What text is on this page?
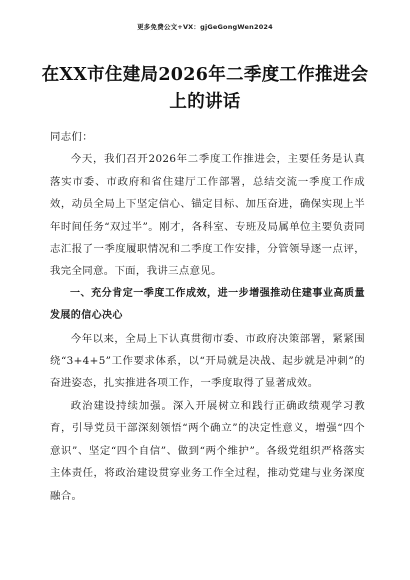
更多免费公文+VX：gjGeGongWen2024
在XX市住建局2026年二季度工作推进会上的讲话

同志们：

今天，我们召开2026年二季度工作推进会，主要任务是认真落实市委、市政府和省住建厅工作部署，总结交流一季度工作成效，动员全局上下坚定信心、锚定目标、加压奋进，确保实现上半年时间任务“双过半”。刚才，各科室、专班及局属单位主要负责同志汇报了一季度履职情况和二季度工作安排，分管领导逐一点评，我完全同意。下面，我讲三点意见。

一、充分肯定一季度工作成效，进一步增强推动住建事业高质量发展的信心决心

今年以来，全局上下认真贯彻市委、市政府决策部署，紧紧围绕“3+4+5”工作要求体系，以“开局就是决战、起步就是冲刺”的奋进姿态，扎实推进各项工作，一季度取得了显著成效。

政治建设持续加强。深入开展树立和践行正确政绩观学习教育，引导党员干部深刻领悟“两个确立”的决定性意义，增强“四个意识”、坚定“四个自信”、做到“两个维护”。各级党组织严格落实主体责任，将政治建设贯穿业务工作全过程，推动党建与业务深度融合。
